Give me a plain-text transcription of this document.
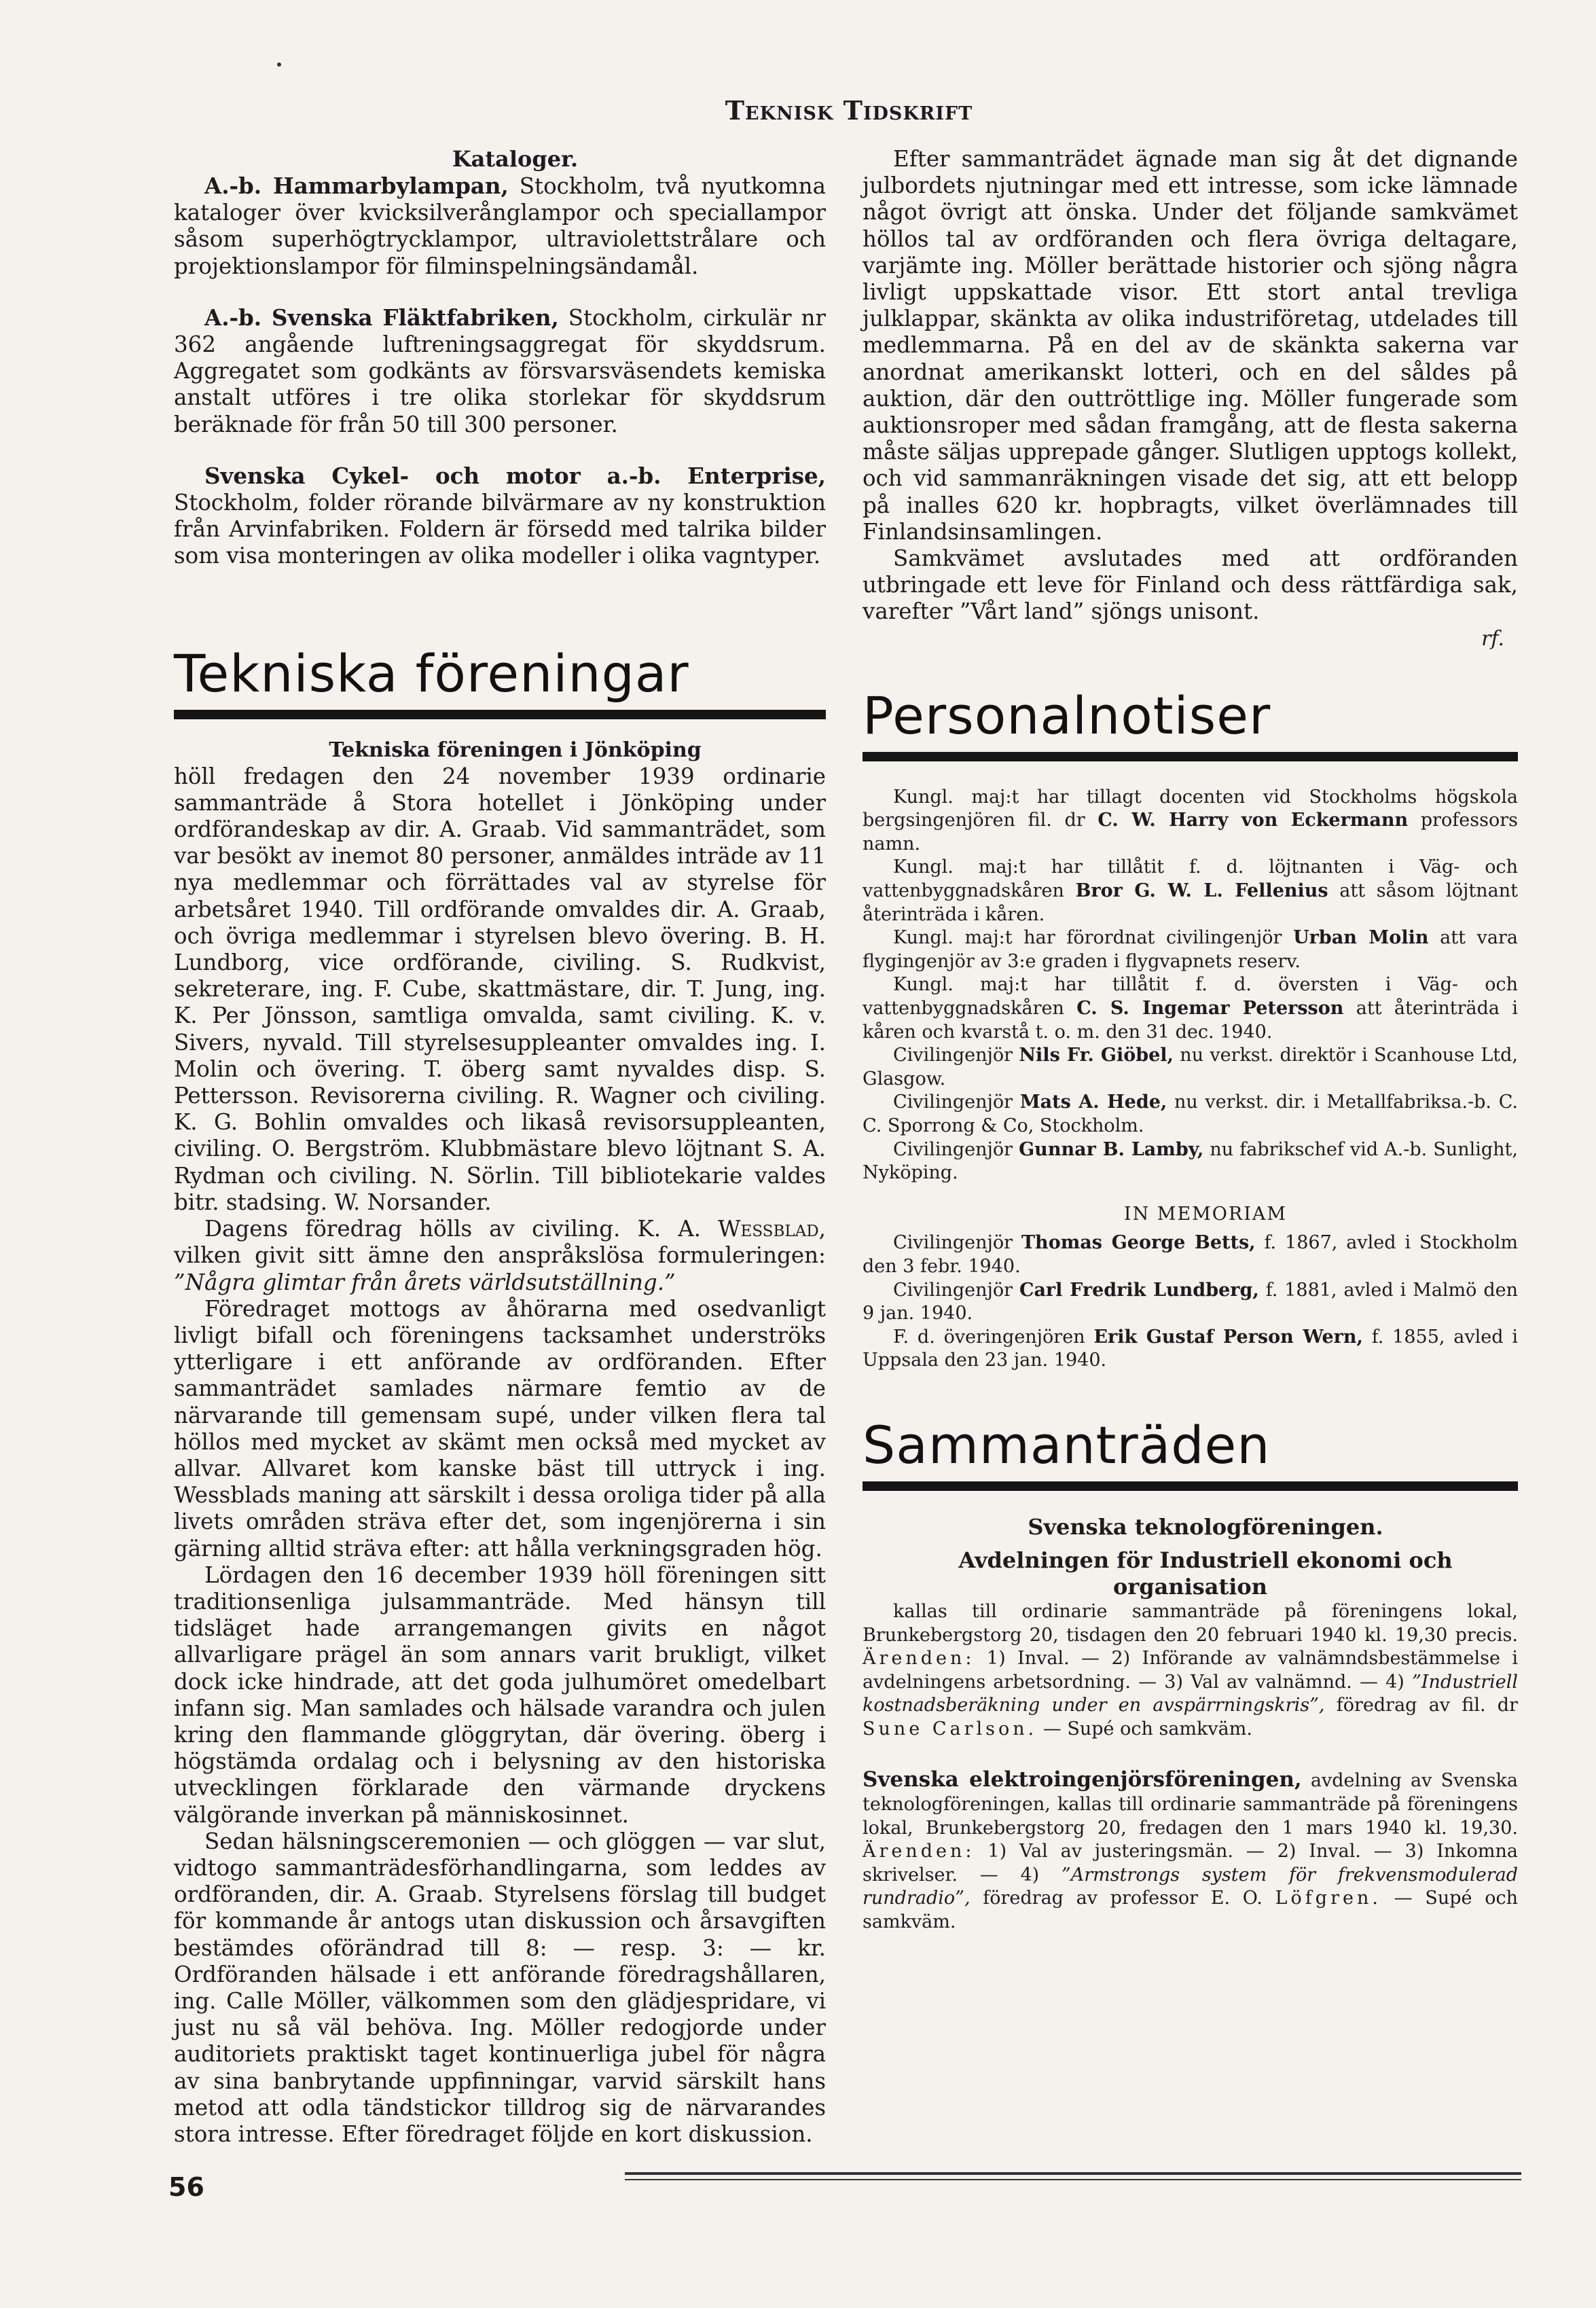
Teknisk Tidskrift

Kataloger.

A.-b. Hammarbylampan, Stockholm, två nyutkomna kataloger över kvicksilverånglampor och speciallampor såsom superhögtrycklampor, ultraviolettstrålare och projektionslampor för filminspelningsändamål.

A.-b. Svenska Fläktfabriken, Stockholm, cirkulär nr 362 angående luftreningsaggregat för skyddsrum. Aggregatet som godkänts av försvarsväsendets kemiska anstalt utföres i tre olika storlekar för skyddsrum beräknade för från 50 till 300 personer.

Svenska Cykel- och motor a.-b. Enterprise, Stockholm, folder rörande bilvärmare av ny konstruktion från Arvinfabriken. Foldern är försedd med talrika bilder som visa monteringen av olika modeller i olika vagntyper.

Tekniska föreningar

Tekniska föreningen i Jönköping

höll fredagen den 24 november 1939 ordinarie sammanträde å Stora hotellet i Jönköping under ordförandeskap av dir. A. Graab. Vid sammanträdet, som var besökt av inemot 80 personer, anmäldes inträde av 11 nya medlemmar och förrättades val av styrelse för arbetsåret 1940. Till ordförande omvaldes dir. A. Graab, och övriga medlemmar i styrelsen blevo övering. B. H. Lundborg, vice ordförande, civiling. S. Rudkvist, sekreterare, ing. F. Cube, skattmästare, dir. T. Jung, ing. K. Per Jönsson, samtliga omvalda, samt civiling. K. v. Sivers, nyvald. Till styrelsesuppleanter omvaldes ing. I. Molin och övering. T. öberg samt nyvaldes disp. S. Pettersson. Revisorerna civiling. R. Wagner och civiling. K. G. Bohlin omvaldes och likaså revisorsuppleanten, civiling. O. Bergström. Klubbmästare blevo löjtnant S. A. Rydman och civiling. N. Sörlin. Till bibliotekarie valdes bitr. stadsing. W. Norsander.

Dagens föredrag hölls av civiling. K. A. Wessblad, vilken givit sitt ämne den anspråkslösa formuleringen: ”Några glimtar från årets världsutställning.”

Föredraget mottogs av åhörarna med osedvanligt livligt bifall och föreningens tacksamhet underströks ytterligare i ett anförande av ordföranden. Efter sammanträdet samlades närmare femtio av de närvarande till gemensam supé, under vilken flera tal höllos med mycket av skämt men också med mycket av allvar. Allvaret kom kanske bäst till uttryck i ing. Wessblads maning att särskilt i dessa oroliga tider på alla livets områden sträva efter det, som ingenjörerna i sin gärning alltid sträva efter: att hålla verkningsgraden hög.

Lördagen den 16 december 1939 höll föreningen sitt traditionsenliga julsammanträde. Med hänsyn till tidsläget hade arrangemangen givits en något allvarligare prägel än som annars varit brukligt, vilket dock icke hindrade, att det goda julhumöret omedelbart infann sig. Man samlades och hälsade varandra och julen kring den flammande glöggrytan, där övering. öberg i högstämda ordalag och i belysning av den historiska utvecklingen förklarade den värmande dryckens välgörande inverkan på människosinnet.

Sedan hälsningsceremonien — och glöggen — var slut, vidtogo sammanträdesförhandlingarna, som leddes av ordföranden, dir. A. Graab. Styrelsens förslag till budget för kommande år antogs utan diskussion och årsavgiften bestämdes oförändrad till 8: — resp. 3: — kr. Ordföranden hälsade i ett anförande föredragshållaren, ing. Calle Möller, välkommen som den glädjespridare, vi just nu så väl behöva. Ing. Möller redogjorde under auditoriets praktiskt taget kontinuerliga jubel för några av sina banbrytande uppfinningar, varvid särskilt hans metod att odla tändstickor tilldrog sig de närvarandes stora intresse. Efter föredraget följde en kort diskussion.

Efter sammanträdet ägnade man sig åt det dignande julbordets njutningar med ett intresse, som icke lämnade något övrigt att önska. Under det följande samkvämet höllos tal av ordföranden och flera övriga deltagare, varjämte ing. Möller berättade historier och sjöng några livligt uppskattade visor. Ett stort antal trevliga julklappar, skänkta av olika industriföretag, utdelades till medlemmarna. På en del av de skänkta sakerna var anordnat amerikanskt lotteri, och en del såldes på auktion, där den outtröttlige ing. Möller fungerade som auktionsroper med sådan framgång, att de flesta sakerna måste säljas upprepade gånger. Slutligen upptogs kollekt, och vid sammanräkningen visade det sig, att ett belopp på inalles 620 kr. hopbragts, vilket överlämnades till Finlandsinsamlingen.

Samkvämet avslutades med att ordföranden utbringade ett leve för Finland och dess rättfärdiga sak, varefter ”Vårt land” sjöngs unisont.

rf.

Personalnotiser

Kungl. maj:t har tillagt docenten vid Stockholms högskola bergsingenjören fil. dr C. W. Harry von Eckermann professors namn.

Kungl. maj:t har tillåtit f. d. löjtnanten i Väg- och vattenbyggnadskåren Bror G. W. L. Fellenius att såsom löjtnant återinträda i kåren.

Kungl. maj:t har förordnat civilingenjör Urban Molin att vara flygingenjör av 3:e graden i flygvapnets reserv.

Kungl. maj:t har tillåtit f. d. översten i Väg- och vattenbyggnadskåren C. S. Ingemar Petersson att återinträda i kåren och kvarstå t. o. m. den 31 dec. 1940.

Civilingenjör Nils Fr. Giöbel, nu verkst. direktör i Scanhouse Ltd, Glasgow.

Civilingenjör Mats A. Hede, nu verkst. dir. i Metallfabriksa.-b. C. C. Sporrong & Co, Stockholm.

Civilingenjör Gunnar B. Lamby, nu fabrikschef vid A.-b. Sunlight, Nyköping.

IN MEMORIAM

Civilingenjör Thomas George Betts, f. 1867, avled i Stockholm den 3 febr. 1940.

Civilingenjör Carl Fredrik Lundberg, f. 1881, avled i Malmö den 9 jan. 1940.

F. d. överingenjören Erik Gustaf Person Wern, f. 1855, avled i Uppsala den 23 jan. 1940.

Sammanträden

Svenska teknologföreningen.

Avdelningen för Industriell ekonomi och organisation

kallas till ordinarie sammanträde på föreningens lokal, Brunkebergstorg 20, tisdagen den 20 februari 1940 kl. 19,30 precis. Ärenden: 1) Inval. — 2) Införande av valnämndsbestämmelse i avdelningens arbetsordning. — 3) Val av valnämnd. — 4) ”Industriell kostnadsberäkning under en avspärrningskris”, föredrag av fil. dr Sune Carlson. — Supé och samkväm.

Svenska elektroingenjörsföreningen, avdelning av Svenska teknologföreningen, kallas till ordinarie sammanträde på föreningens lokal, Brunkebergstorg 20, fredagen den 1 mars 1940 kl. 19,30. Ärenden: 1) Val av justeringsmän. — 2) Inval. — 3) Inkomna skrivelser. — 4) ”Armstrongs system för frekvensmodulerad rundradio”, föredrag av professor E. O. Löfgren. — Supé och samkväm.

56
